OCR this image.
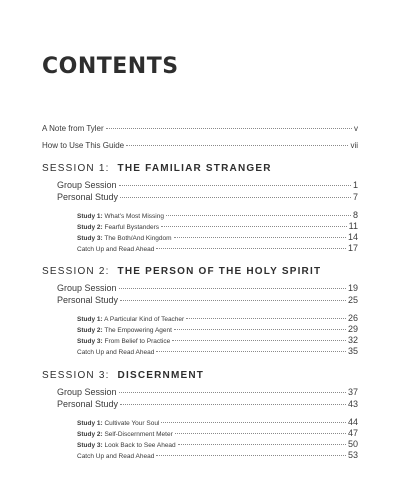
CONTENTS
A Note from Tyler	v
How to Use This Guide	vii
SESSION 1: THE FAMILIAR STRANGER
Group Session	1
Personal Study	7
Study 1: What’s Most Missing	8
Study 2: Fearful Bystanders	11
Study 3: The Both/And Kingdom	14
Catch Up and Read Ahead	17
SESSION 2: THE PERSON OF THE HOLY SPIRIT
Group Session	19
Personal Study	25
Study 1: A Particular Kind of Teacher	26
Study 2: The Empowering Agent	29
Study 3: From Belief to Practice	32
Catch Up and Read Ahead	35
SESSION 3: DISCERNMENT
Group Session	37
Personal Study	43
Study 1: Cultivate Your Soul	44
Study 2: Self-Discernment Meter	47
Study 3: Look Back to See Ahead	50
Catch Up and Read Ahead	53
